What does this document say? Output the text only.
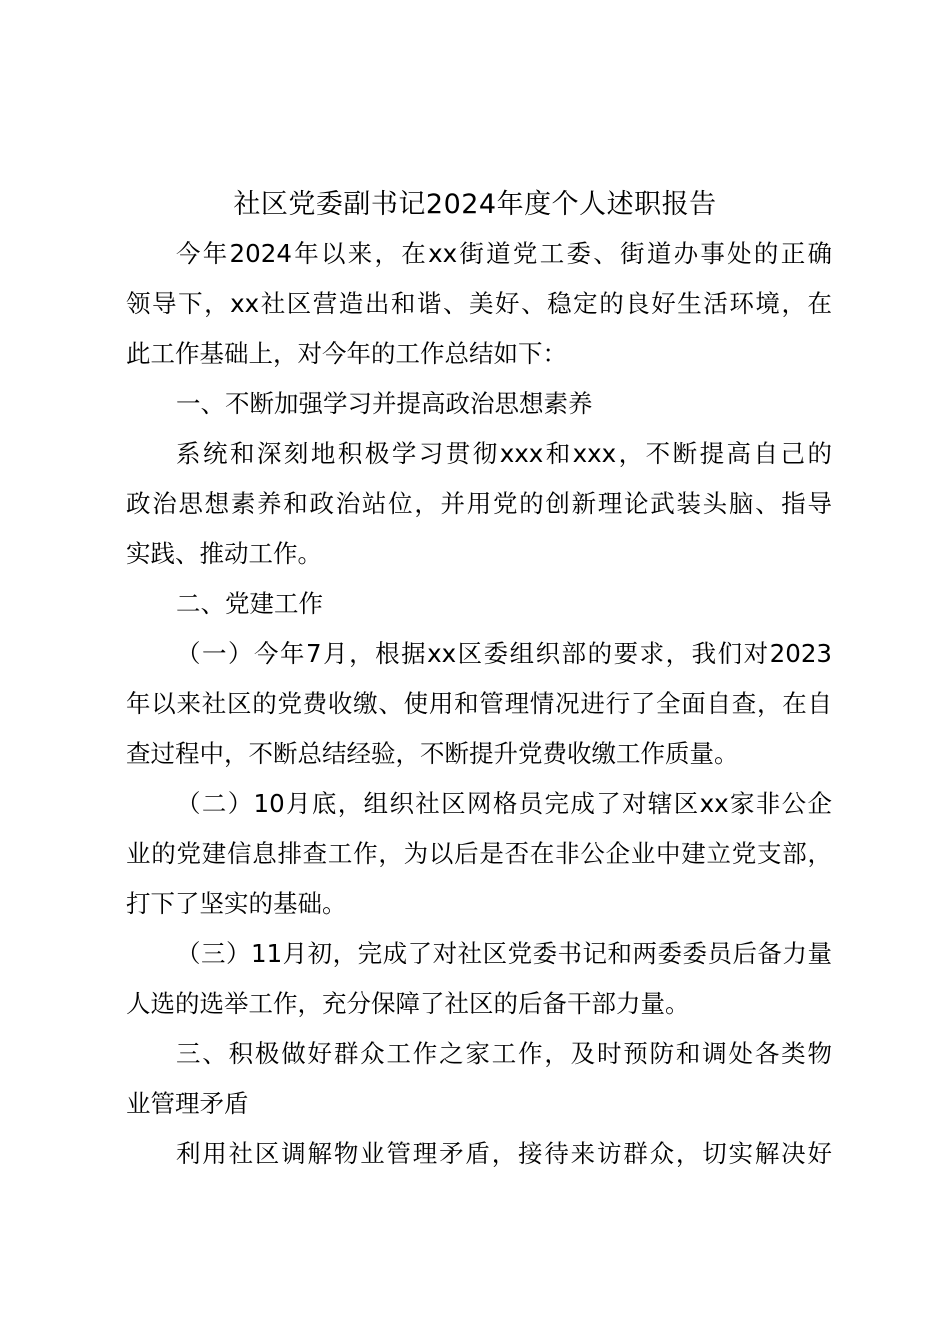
社区党委副书记2024年度个人述职报告

今年2024年以来，在xx街道党工委、街道办事处的正确

领导下，xx社区营造出和谐、美好、稳定的良好生活环境，在

此工作基础上，对今年的工作总结如下：

一、不断加强学习并提高政治思想素养

系统和深刻地积极学习贯彻xxx和xxx，不断提高自己的

政治思想素养和政治站位，并用党的创新理论武装头脑、指导

实践、推动工作。

二、党建工作

（一）今年7月，根据xx区委组织部的要求，我们对2023

年以来社区的党费收缴、使用和管理情况进行了全面自查，在自

查过程中，不断总结经验，不断提升党费收缴工作质量。

（二）10月底，组织社区网格员完成了对辖区xx家非公企

业的党建信息排查工作，为以后是否在非公企业中建立党支部，

打下了坚实的基础。

（三）11月初，完成了对社区党委书记和两委委员后备力量

人选的选举工作，充分保障了社区的后备干部力量。

三、积极做好群众工作之家工作，及时预防和调处各类物

业管理矛盾

利用社区调解物业管理矛盾，接待来访群众，切实解决好
